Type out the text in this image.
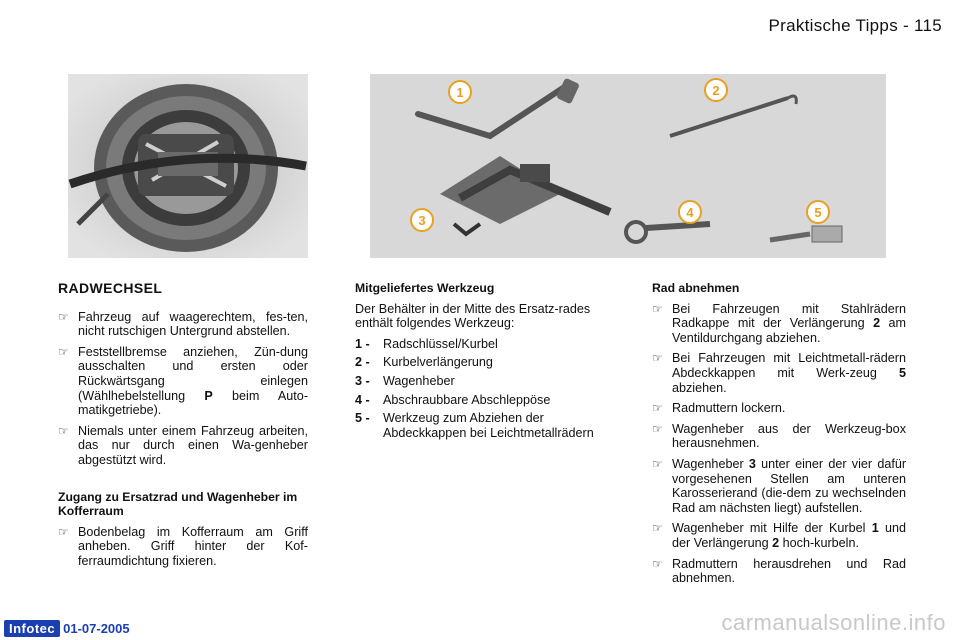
Praktische Tipps - 115
1	2
3
4	5
RADWECHSEL
☞ Fahrzeug auf waagerechtem, fes-ten, nicht rutschigen Untergrund abstellen.
☞ Feststellbremse anziehen, Zün-dung ausschalten und ersten oder Rückwärtsgang einlegen (Wählhebelstellung P beim Auto-matikgetriebe).
☞ Niemals unter einem Fahrzeug arbeiten, das nur durch einen Wa-genheber abgestützt wird.
Zugang zu Ersatzrad und Wagenheber im Kofferraum
☞ Bodenbelag im Kofferraum am Griff anheben. Griff hinter der Kof-ferraumdichtung fixieren.
Mitgeliefertes Werkzeug
Der Behälter in der Mitte des Ersatz-rades enthält folgendes Werkzeug:
1 -	Radschlüssel/Kurbel
2 -	Kurbelverlängerung
3 -	Wagenheber
4 -	Abschraubbare Abschleppöse
5 -	Werkzeug zum Abziehen der Abdeckkappen bei Leichtmetallrädern
Rad abnehmen
☞ Bei Fahrzeugen mit Stahlrädern Radkappe mit der Verlängerung 2 am Ventildurchgang abziehen.
☞ Bei Fahrzeugen mit Leichtmetall-rädern Abdeckkappen mit Werk-zeug 5 abziehen.
☞ Radmuttern lockern.
☞ Wagenheber aus der Werkzeug-box herausnehmen.
☞ Wagenheber 3 unter einer der vier dafür vorgesehenen Stellen am unteren Karosserierand (die-dem zu wechselnden Rad am nächsten liegt) aufstellen.
☞ Wagenheber mit Hilfe der Kurbel 1 und der Verlängerung 2 hoch-kurbeln.
☞ Radmuttern herausdrehen und Rad abnehmen.
Infotec 01-07-2005	carmanualsonline.info
